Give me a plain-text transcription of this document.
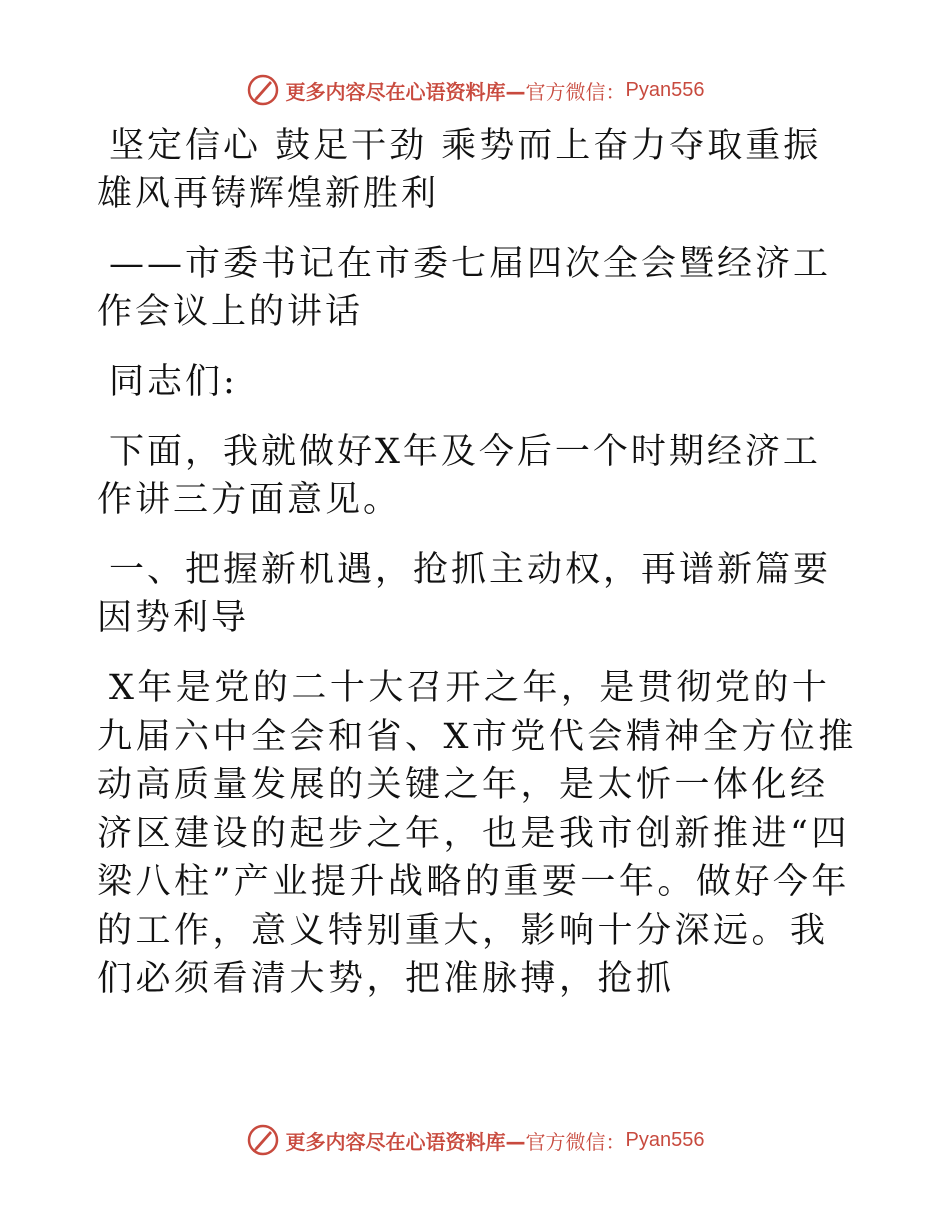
更多内容尽在心语资料库— 官方微信： Pyan556

坚定信心 鼓足干劲 乘势而上奋力夺取重振雄风再铸辉煌新胜利

——市委书记在市委七届四次全会暨经济工作会议上的讲话

同志们:

下面，我就做好X年及今后一个时期经济工作讲三方面意见。

一、把握新机遇，抢抓主动权，再谱新篇要因势利导

X年是党的二十大召开之年，是贯彻党的十九届六中全会和省、X市党代会精神全方位推动高质量发展的关键之年，是太忻一体化经济区建设的起步之年，也是我市创新推进“四梁八柱”产业提升战略的重要一年。做好今年的工作，意义特别重大，影响十分深远。我们必须看清大势，把准脉搏，抢抓

更多内容尽在心语资料库— 官方微信： Pyan556
